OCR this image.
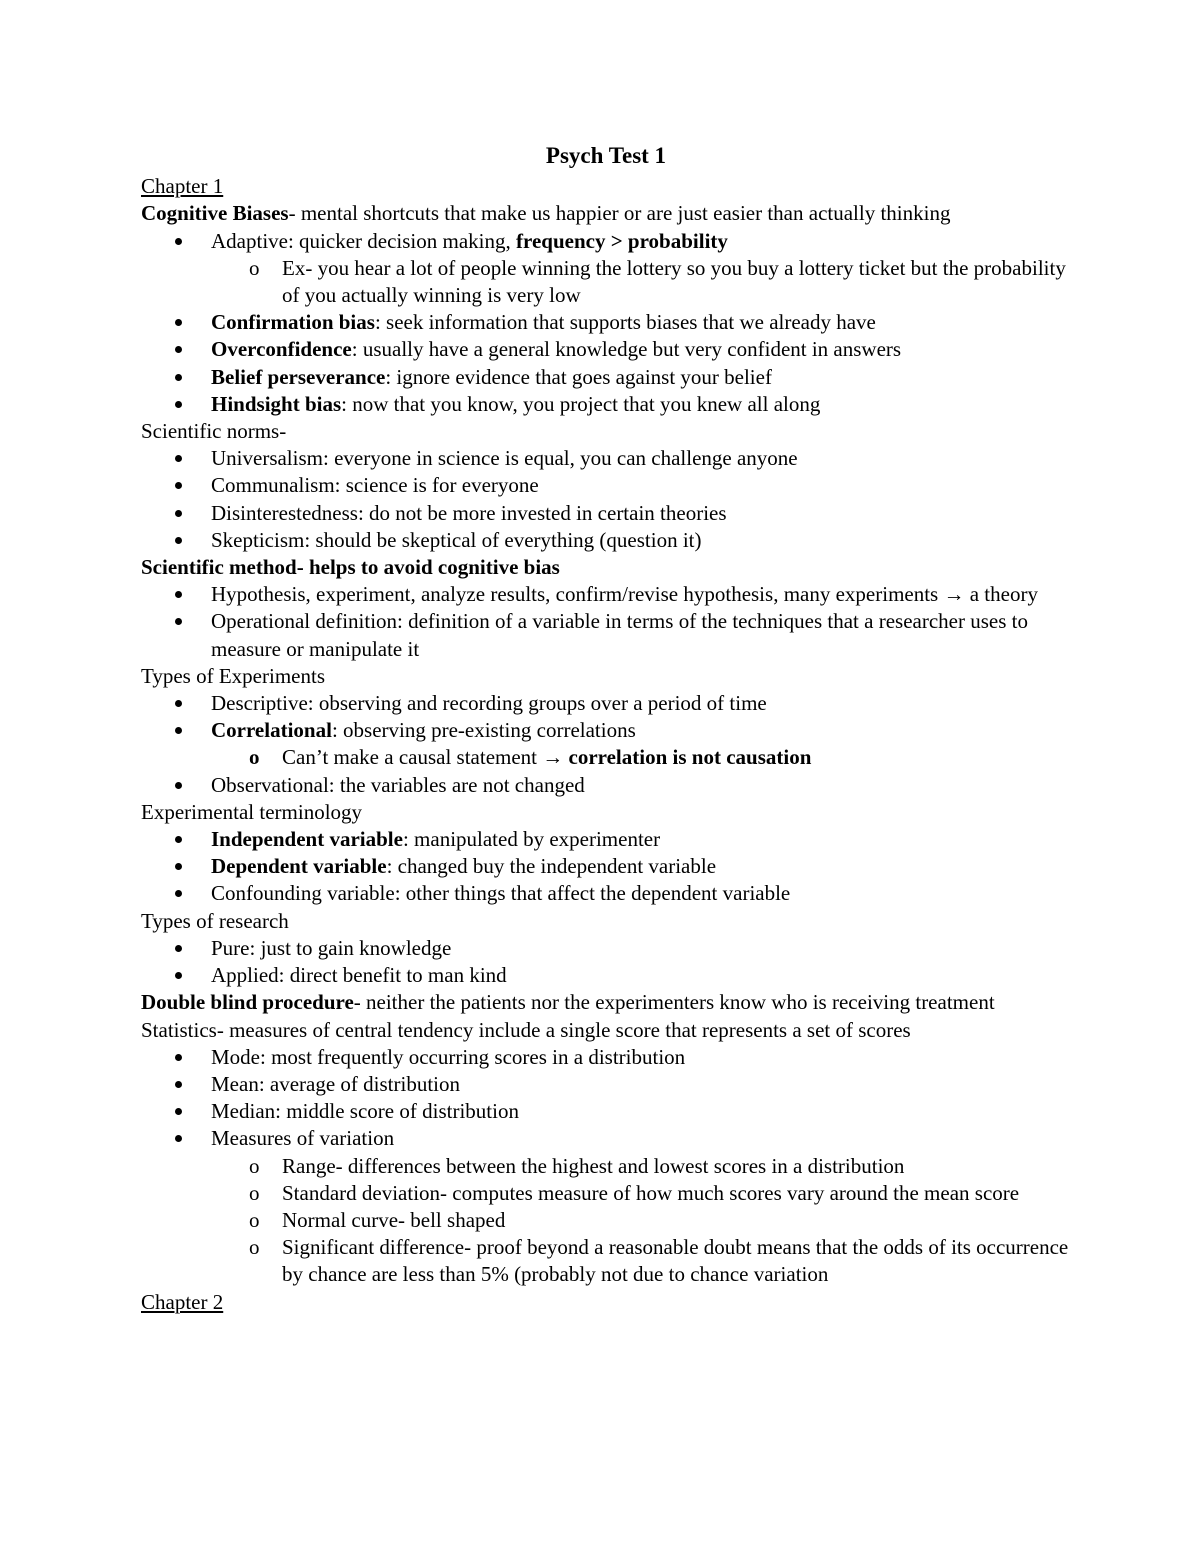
Psych Test 1
Chapter 1
Cognitive Biases- mental shortcuts that make us happier or are just easier than actually thinking
Adaptive: quicker decision making, frequency > probability
o Ex- you hear a lot of people winning the lottery so you buy a lottery ticket but the probability of you actually winning is very low
Confirmation bias: seek information that supports biases that we already have
Overconfidence: usually have a general knowledge but very confident in answers
Belief perseverance: ignore evidence that goes against your belief
Hindsight bias: now that you know, you project that you knew all along
Scientific norms-
Universalism: everyone in science is equal, you can challenge anyone
Communalism: science is for everyone
Disinterestedness: do not be more invested in certain theories
Skepticism: should be skeptical of everything (question it)
Scientific method- helps to avoid cognitive bias
Hypothesis, experiment, analyze results, confirm/revise hypothesis, many experiments → a theory
Operational definition: definition of a variable in terms of the techniques that a researcher uses to measure or manipulate it
Types of Experiments
Descriptive: observing and recording groups over a period of time
Correlational: observing pre-existing correlations
o Can’t make a causal statement → correlation is not causation
Observational: the variables are not changed
Experimental terminology
Independent variable: manipulated by experimenter
Dependent variable: changed buy the independent variable
Confounding variable: other things that affect the dependent variable
Types of research
Pure: just to gain knowledge
Applied: direct benefit to man kind
Double blind procedure- neither the patients nor the experimenters know who is receiving treatment
Statistics- measures of central tendency include a single score that represents a set of scores
Mode: most frequently occurring scores in a distribution
Mean: average of distribution
Median: middle score of distribution
Measures of variation
o Range- differences between the highest and lowest scores in a distribution
o Standard deviation- computes measure of how much scores vary around the mean score
o Normal curve- bell shaped
o Significant difference- proof beyond a reasonable doubt means that the odds of its occurrence by chance are less than 5% (probably not due to chance variation
Chapter 2
